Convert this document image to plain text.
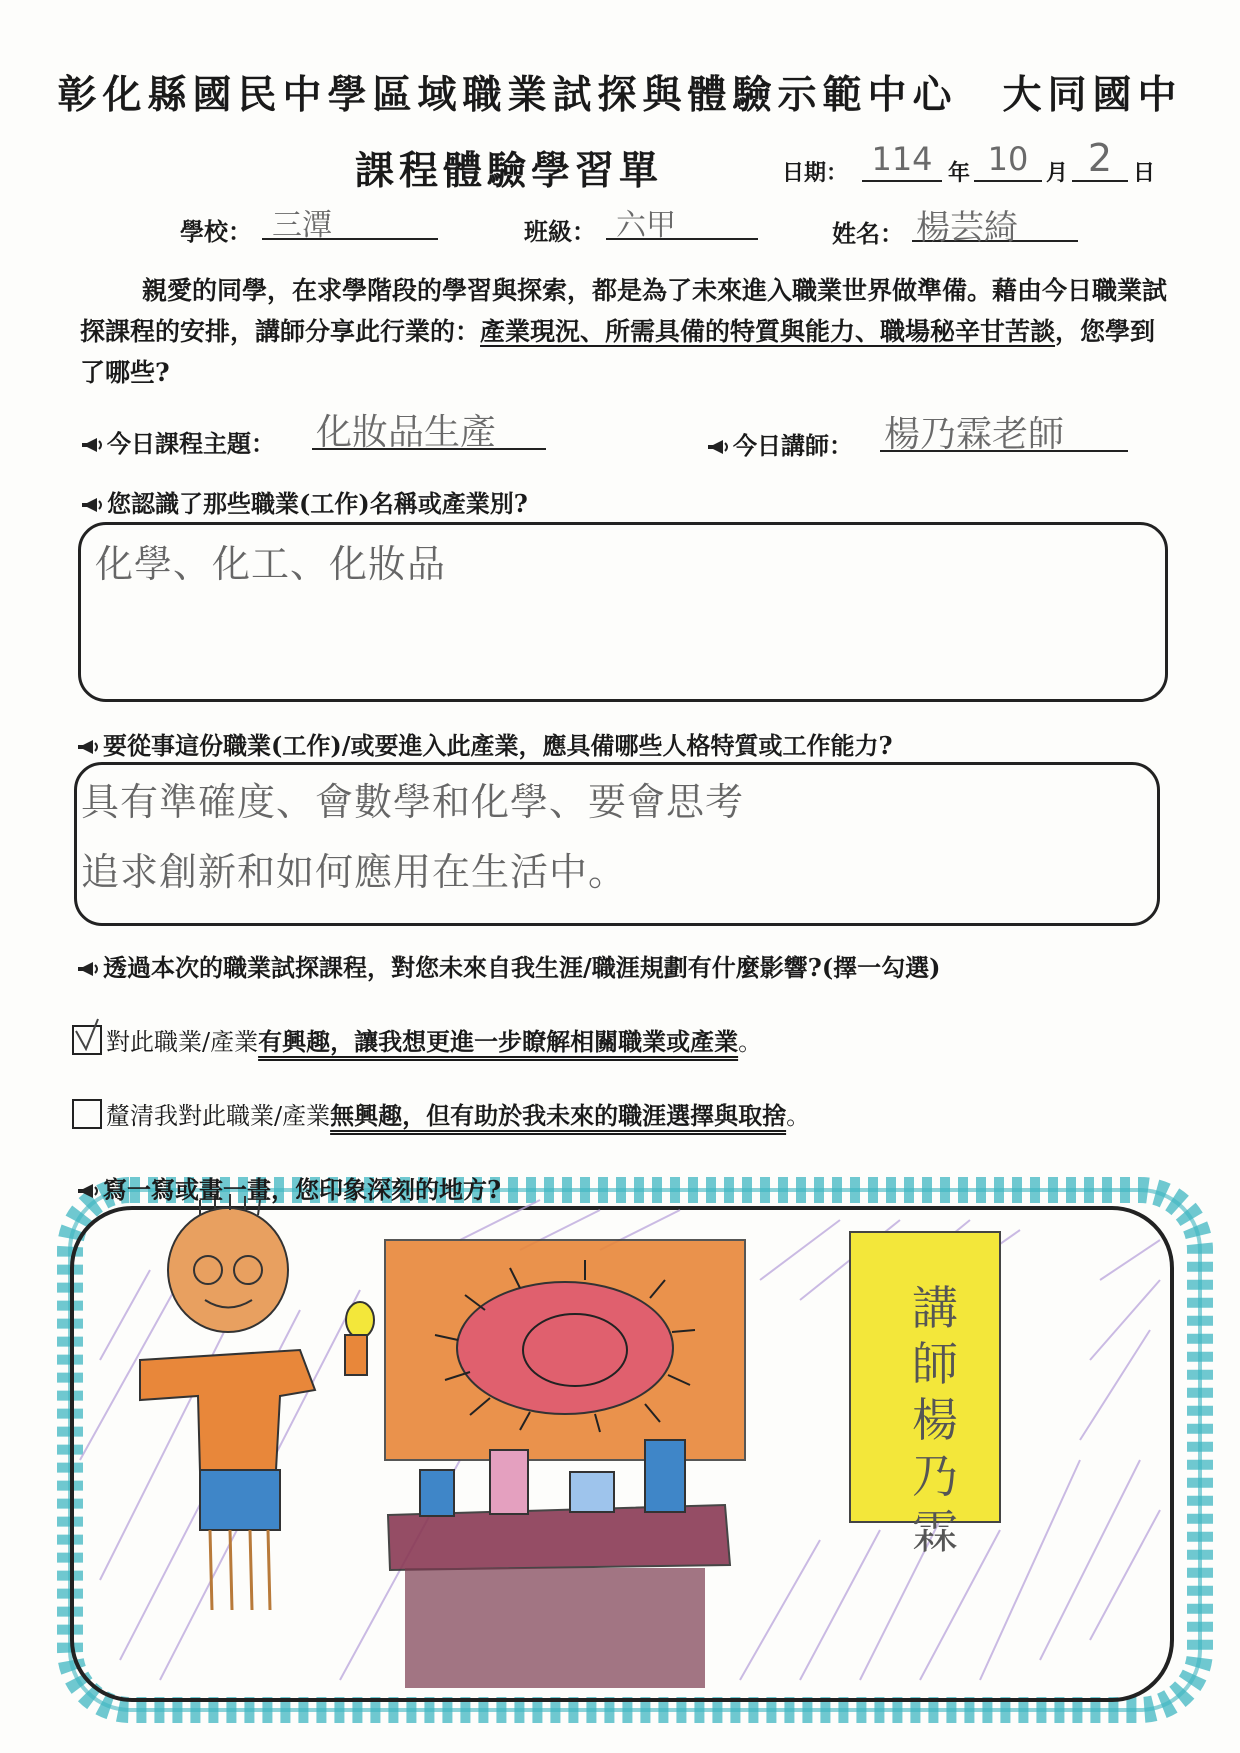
彰化縣國民中學區域職業試探與體驗示範中心　大同國中
課程體驗學習單	日期： 114 年 10 月 2 日
學校： 三潭	班級： 六甲	姓名： 楊芸綺
親愛的同學，在求學階段的學習與探索，都是為了未來進入職業世界做準備。藉由今日職業試探課程的安排，講師分享此行業的：產業現況、所需具備的特質與能力、職場秘辛甘苦談，您學到了哪些?
今日課程主題： 化妝品生產	今日講師： 楊乃霖老師
您認識了那些職業(工作)名稱或產業別?
化學、化工、化妝品
要從事這份職業(工作)/或要進入此產業，應具備哪些人格特質或工作能力?
具有準確度、會數學和化學、要會思考
追求創新和如何應用在生活中。
透過本次的職業試探課程，對您未來自我生涯/職涯規劃有什麼影響?(擇一勾選)
對此職業/產業有興趣，讓我想更進一步瞭解相關職業或產業。
釐清我對此職業/產業無興趣，但有助於我未來的職涯選擇與取捨。
寫一寫或畫一畫，您印象深刻的地方?
講師楊乃霖
